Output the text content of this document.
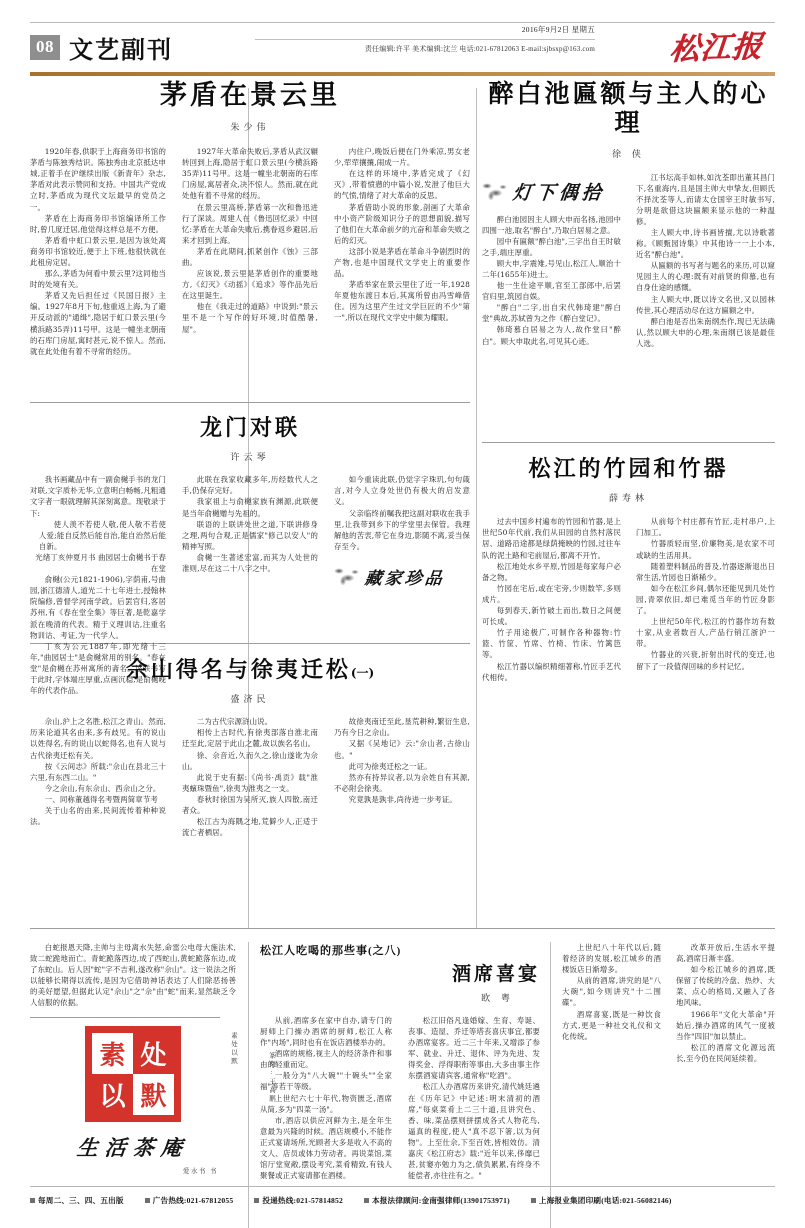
08 文艺副刊
2016年9月2日 星期五
责任编辑:许平 美术编辑:沈兰 电话:021-67812063 E-mail:sjbsxp@163.com 松江报
茅盾在景云里
朱少伟

1920年春,供职于上海商务印书馆的茅盾与陈独秀结识。陈独秀由北京抵达申城,正着手在沪继续出版《新青年》杂志,茅盾对此表示赞同和支持。中国共产党成立时,茅盾成为现代文坛最早的党员之一。

茅盾在上海商务印书馆编译所工作时,曾几度迁居,他觉得这样总是不方便。

茅盾看中虹口景云里,是因为该处离商务印书馆较近,便于上下班,他很快就在此租房定居。

那么,茅盾为何看中景云里?这同他当时的处境有关。

茅盾又先后担任过《民国日报》主编。1927年8月下旬,他重返上海,为了避开反动派的"通缉",隐居于虹口景云里(今横浜路35弄)11号甲。这是一幢坐北朝南的石库门房屋,寓时甚元,说不惊人。然而,就在此处他有着不寻常的经历。

1927年大革命失败后,茅盾从武汉辗转回到上海,隐居于虹口景云里(今横浜路35弄)11号甲。这是一幢坐北朝南的石库门房屋,寓居者众,决不惊人。然而,就在此处他有着不寻常的经历。

在景云里高桥,茅盾第一次和鲁迅进行了深谈。周建人在《鲁迅回忆录》中回忆:茅盾在大革命失败后,携眷返乡避居,后来才回到上海。

茅盾在此期间,抓紧创作《蚀》三部曲。

应该说,景云里是茅盾创作的重要地方,《幻灭》《动摇》《追求》等作品先后在这里诞生。

他在《我走过的道路》中说到:"景云里不是一个写作的好环境,时值酷暑,屋"。

内住户,晚饭后便在门外乘凉,男女老少,荦荦攘攘,闹成一片。

在这样的环境中,茅盾完成了《幻灭》,带着愤懑的中篇小说,发泄了他巨大的气愤,情绪了对大革命的反思。

茅盾借助小说的形象,剖画了大革命中小资产阶级知识分子的思想面貌,描写了他们在大革命前夕的亢奋和革命失败之后的幻灭。

这部小说是茅盾在革命斗争剧烈时的产物,也是中国现代文学史上的重要作品。

茅盾举家在景云里住了近一年,1928年夏他东渡日本后,其寓所曾由冯雪峰借住。因为这里产生过文学巨匠的不少"第一",所以在现代文学史中颇为耀眼。

醉白池匾额与主人的心理
徐 侠
灯下偶拾

醉白池园因主人顾大申而名扬,池园中四围一池,取名"醉白",乃取白居易之意。

园中有匾额"醉白池",三字出自王时敏之手,端庄厚重。

顾大申,字震雉,号见山,松江人,顺治十二年(1655年)进士。

他一生仕途平顺,官至工部郎中,后罢官归里,筑园自娱。

"醉白"二字,出自宋代韩琦建"醉白堂"典故,苏轼曾为之作《醉白堂记》。

韩琦慕白居易之为人,故作堂曰"醉白"。顾大申取此名,可见其心迹。

江书坛高手如林,如沈荃即出董其昌门下,名重海内,且是国主帅大申挚友,但顾氏不择沈荃等人,而请太仓国宰王时敏书写,分明是欲借这块匾额来显示他的一种温修。

主人顾大申,诗书画皆擅,尤以诗歌著称。《顾甄园诗集》中其他诗一一上小本,近名"醉白池"。

从匾额的书写者与题名的来历,可以窥见园主人的心理:既有对前贤的仰慕,也有自身仕途的感慨。

主人顾大申,既以诗文名世,又以园林传世,其心理活动尽在这方匾额之中。

醉白池是否出朱南纲杰作,现已无法确认,然以顾大申的心理,朱南纲已该是最佳人选。

龙门对联
许云琴

我书画藏品中有一副俞樾手书的龙门对联,文字质朴无华,立意明白畅畅,凡粗通文字者一眼就理解其深刻寓意。现敬录于下:

使人羡不若使人敬,使人敬不若使人爱;能自反然后能自治,能自治然后能自新。

光绪丁亥仲夏月书 曲园居士俞樾书于春在堂

俞樾(公元1821-1906),字荫甫,号曲园,浙江德清人,道光二十七年进士,授翰林院编修,曾督学河南学政。后罢官归,客居苏州,有《春在堂全集》等巨著,是乾嘉学派在晚清的代表。精于义理训诂,注重名物训诂、考证,为一代学人。

丁亥为公元1887年,即光绪十三年,"曲园居士"是俞樾常用的别名。"春在堂"是俞樾在苏州寓所的斋名。该联书写于此时,字体端庄厚重,点画沉稳,是俞樾晚年的代表作品。

此联在我家收藏多年,历经数代人之手,仍保存完好。

我家祖上与俞樾家族有渊源,此联便是当年俞樾赠与先祖的。

联语的上联讲处世之道,下联讲修身之理,两句合观,正是儒家"修己以安人"的精神写照。

俞樾一生著述宏富,而其为人处世的准则,尽在这二十八字之中。

如今重读此联,仍觉字字珠玑,句句箴言,对今人立身处世仍有极大的启发意义。

父亲临终前嘱我把这副对联收在我手里,让我带到乡下的学堂里去保管。我理解他的苦衷,带它在身边,影随不离,妥当保存至今。

藏家珍品
松江的竹园和竹器
薛寿林

过去中国乡村遍布的竹园和竹器,是上世纪50年代前,我们从田园的自然村落民居、道路沿途都是绿荫掩映的竹园,过往车队的泥土路和宅前屋后,都离不开竹。

松江地处水乡平原,竹园是每家每户必备之物。

竹园在宅后,或在宅旁,少则数竿,多则成片。

每到春天,新竹破土而出,数日之间便可长成。

竹子用途极广,可制作各种器物:竹篮、竹筐、竹席、竹椅、竹床、竹篱笆等。

松江竹器以编织精细著称,竹匠手艺代代相传。

从前每个村庄都有竹匠,走村串户,上门加工。

竹器质轻而坚,价廉物美,是农家不可或缺的生活用具。

随着塑料制品的普及,竹器逐渐退出日常生活,竹园也日渐稀少。

如今在松江乡间,偶尔还能见到几处竹园,青翠依旧,却已难觅当年的竹匠身影了。

上世纪50年代,松江的竹器作坊有数十家,从业者数百人,产品行销江浙沪一带。

竹器业的兴衰,折射出时代的变迁,也留下了一段值得回味的乡村记忆。

佘山得名与徐夷迁松(一)
盛济民

佘山,沪上之名胜,松江之青山。然而,历来论道其名由来,多有歧见。有的说山以姓得名,有的说山以蛇得名,也有人说与古代徐夷迁松有关。

按《云间志》所载:"佘山在县北三十六里,有东西二山。"

今之佘山,有东佘山、西佘山之分。

一、同称董越得名考暨两简章节考

关于山名的由来,民间流传着种种说法。

二为古代宗源浒山说。

相传上古时代,有徐夷部落自淮北南迁至此,定居于此山之麓,故以族名名山。

徐、佘音近,久而久之,徐山遂讹为佘山。

此说于史有据:《尚书·禹贡》载"淮夷蠙珠暨鱼",徐夷为淮夷之一支。

春秋时徐国为吴所灭,族人四散,南迁者众。

松江古为海隅之地,荒僻少人,正适于流亡者栖居。

故徐夷南迁至此,垦荒耕种,繁衍生息,乃有今日之佘山。

又据《吴地记》云:"佘山者,古徐山也。"

此可为徐夷迁松之一证。

然亦有持异议者,以为佘姓自有其源,不必附会徐夷。

究竟孰是孰非,尚待进一步考证。

白蛇报恩天降,主帅与主母离水失惩,命雷公电母大施法术,致二蛇跪地而亡。青蛇跪落西边,成了西蛇山,黄蛇跪落东边,成了东蛇山。后人因"蛇"字不吉利,遂改称"佘山"。这一说法之所以能够长期得以流传,是因为它借助神话表达了人们除恶扬善的美好愿望,但据此认定"佘山"之"佘"由"蛇"而来,显然缺乏令人信服的依据。

素 处
以 默
素处以默
篆刻:王高鹏
生活茶庵
爱水书 书
松江人吃喝的那些事(之八)
酒席喜宴
欧 粤

从前,酒席多在家中自办,请专门的厨师上门操办酒席的厨师,松江人称作"内场",同时也有在饭店酒楼举办的。

酒席的规格,视主人的经济条件和事由的轻重而定。

一般分为"八大碗""十碗头""全家福"等若干等级。

上世纪六七十年代,物资匮乏,酒席从简,多为"四菜一汤"。

市,酒店以供应河鲜为主,是全年生意最为兴隆的时候。酒店规模小,不能作正式宴请场所,光顾者大多是收入不高的文人、店员或体力劳动者。再说菜馆,菜馆厅堂宽敞,摆设考究,菜肴精致,有钱人聚餐或正式宴请都在酒楼。

松江旧俗凡逢婚嫁、生育、寿诞、丧事、造屋、乔迁等塔丧喜庆事宜,都要办酒席宴客。近二三十年来,又增添了参军、就业、升迁、退休、评为先进、发得奖金、浮得职衔等事由,大多由事主作东摆酒宴请宾客,通常称"吃酒"。

松江人办酒席历来讲究,清代姚廷遴在《历年记》中记述:明末清初的酒席,"每桌菜肴上二三十道,且讲究色、香、味,菜品摆则拼摆成各式人物花鸟,逼真的程度,使人"真不忍下箸,以为何物"。上至仕佘,下至百姓,皆相效仿。清嘉庆《松江府志》载:"近年以来,侈靡已甚,贫窭亦勉力为之,债负累累,有终身不能偿者,亦往往有之。"

上世纪八十年代以后,随着经济的发展,松江城乡的酒楼饭店日渐增多。

从前的酒席,讲究的是"八大碗",如今则讲究"十二围碟"。

酒席喜宴,既是一种饮食方式,更是一种社交礼仪和文化传统。

改革开放后,生活水平提高,酒席日渐丰盛。

如今松江城乡的酒席,既保留了传统的冷盘、热炒、大菜、点心的格局,又融入了各地风味。

1966年"文化大革命"开始后,操办酒席的风气一度被当作"四旧"加以禁止。

松江的酒席文化源远流长,至今仍在民间延续着。

每周二、三、四、五出版	广告热线:021-67812055	投递热线:021-57814852	本报法律顾问:金南强律师(13901753971)	上海报业集团印刷(电话:021-56082146)
